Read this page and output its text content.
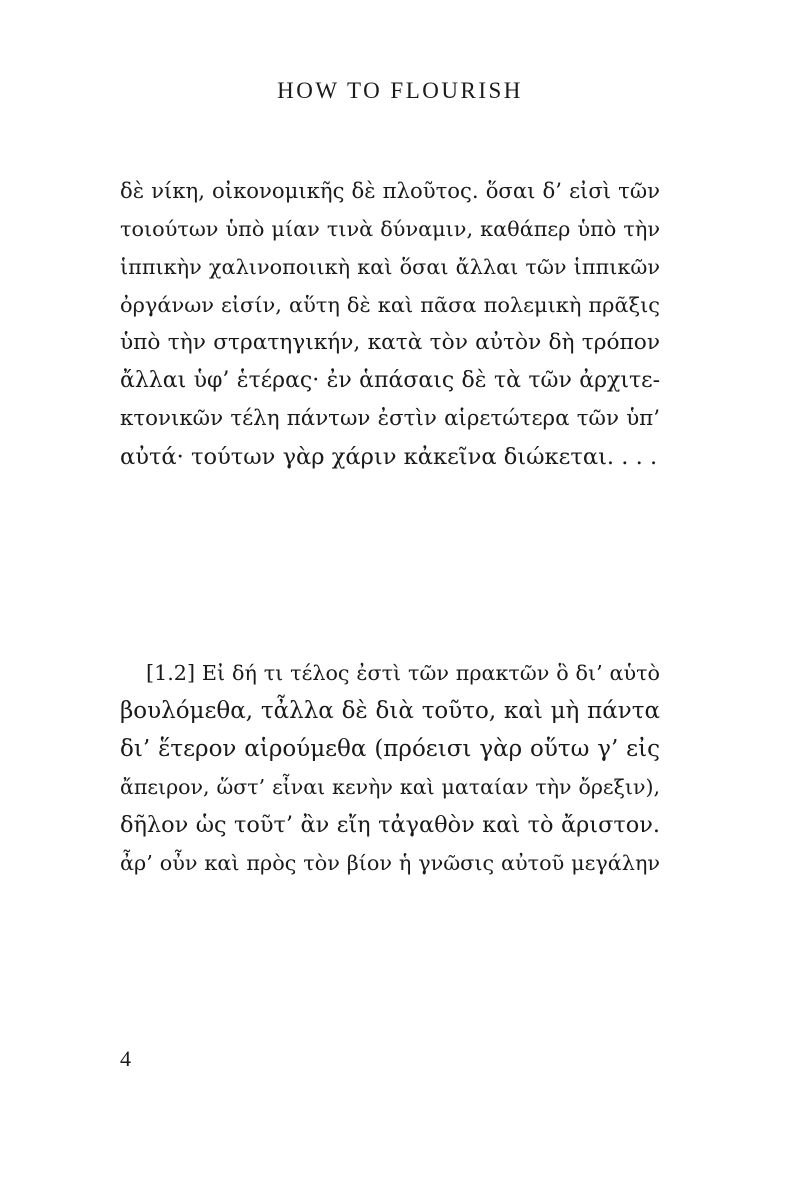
HOW TO FLOURISH
δὲ νίκη, οἰκονομικῆς δὲ πλοῦτος. ὅσαι δ’ εἰσὶ τῶν
τοιούτων ὑπὸ μίαν τινὰ δύναμιν, καθάπερ ὑπὸ τὴν
ἱππικὴν χαλινοποιικὴ καὶ ὅσαι ἄλλαι τῶν ἱππικῶν
ὀργάνων εἰσίν, αὕτη δὲ καὶ πᾶσα πολεμικὴ πρᾶξις
ὑπὸ τὴν στρατηγικήν, κατὰ τὸν αὐτὸν δὴ τρόπον
ἄλλαι ὑφ’ ἑτέρας· ἐν ἁπάσαις δὲ τὰ τῶν ἀρχιτε-
κτονικῶν τέλη πάντων ἐστὶν αἱρετώτερα τῶν ὑπ’
αὐτά· τούτων γὰρ χάριν κἀκεῖνα διώκεται. . . .
[1.2] Εἰ δή τι τέλος ἐστὶ τῶν πρακτῶν ὃ δι’ αὑτὸ
βουλόμεθα, τἆλλα δὲ διὰ τοῦτο, καὶ μὴ πάντα
δι’ ἕτερον αἱρούμεθα (πρόεισι γὰρ οὕτω γ’ εἰς
ἄπειρον, ὥστ’ εἶναι κενὴν καὶ ματαίαν τὴν ὄρεξιν),
δῆλον ὡς τοῦτ’ ἂν εἴη τἀγαθὸν καὶ τὸ ἄριστον.
ἆρ’ οὖν καὶ πρὸς τὸν βίον ἡ γνῶσις αὐτοῦ μεγάλην
4
